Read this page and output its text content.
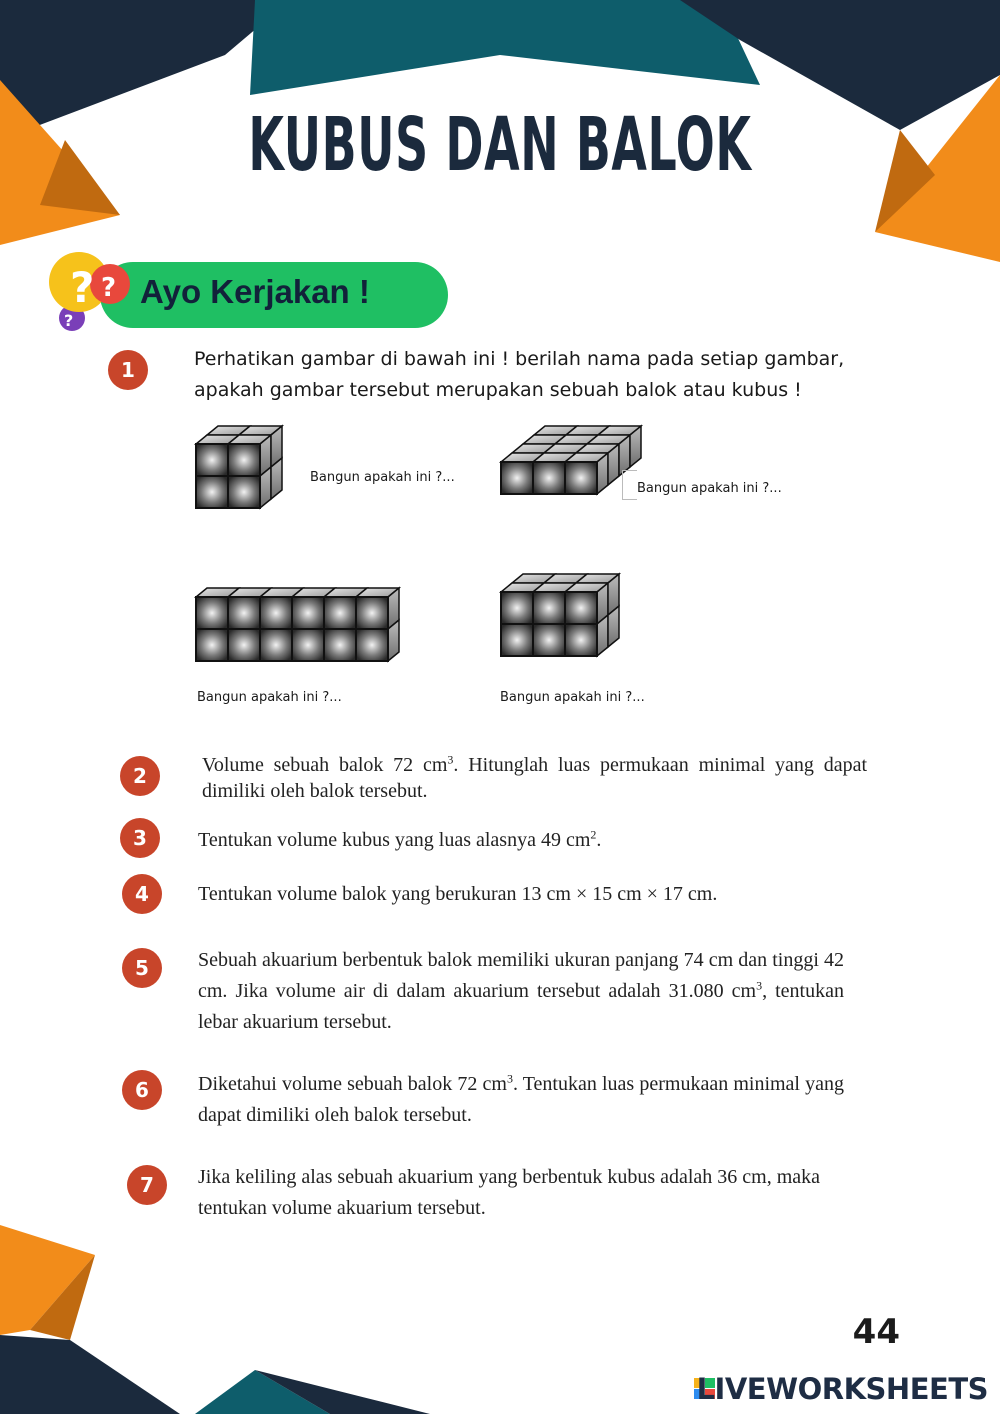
KUBUS DAN BALOK
? ?
?
Ayo Kerjakan !
1	Perhatikan gambar di bawah ini ! berilah nama pada setiap gambar, apakah gambar tersebut merupakan sebuah balok atau kubus !
Bangun apakah ini ?...
Bangun apakah ini ?...
Bangun apakah ini ?...	Bangun apakah ini ?...
2	Volume sebuah balok 72 $cm^3$. Hitunglah luas permukaan minimal yang dapat dimiliki oleh balok tersebut.
3	Tentukan volume kubus yang luas alasnya 49 $cm^2$.
4	Tentukan volume balok yang berukuran 13 cm × 15 cm × 17 cm.
5	Sebuah akuarium berbentuk balok memiliki ukuran panjang 74 cm dan tinggi 42 cm. Jika volume air di dalam akuarium tersebut adalah 31.080 $cm^3$, tentukan lebar akuarium tersebut.
6	Diketahui volume sebuah balok 72 $cm^3$. Tentukan luas permukaan minimal yang dapat dimiliki oleh balok tersebut.
7	Jika keliling alas sebuah akuarium yang berbentuk kubus adalah 36 cm, maka tentukan volume akuarium tersebut.
44
LIVEWORKSHEETS
